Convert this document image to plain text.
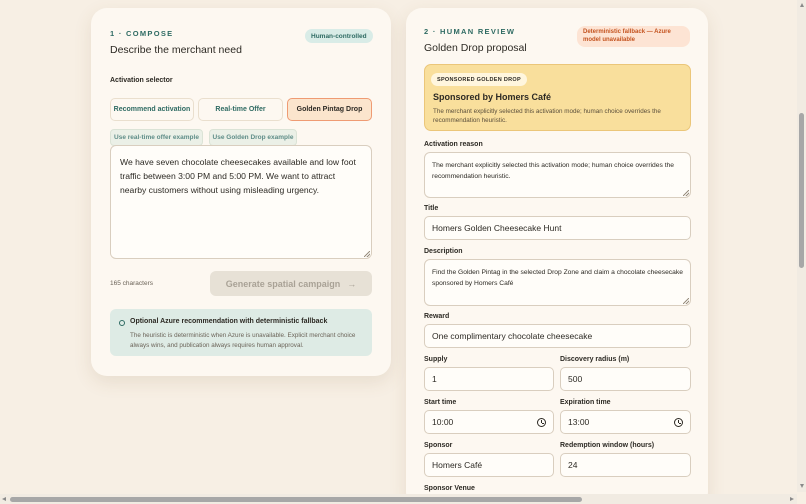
1 · COMPOSE
Describe the merchant need
Human-controlled
Activation selector
Recommend activation	Real-time Offer	Golden Pintag Drop
Use real-time offer example	Use Golden Drop example
We have seven chocolate cheesecakes available and low foot traffic between 3:00 PM and 5:00 PM. We want to attract nearby customers without using misleading urgency.
165 characters	Generate spatial campaign →
Optional Azure recommendation with deterministic fallback
The heuristic is deterministic when Azure is unavailable. Explicit merchant choice always wins, and publication always requires human approval.
2 · HUMAN REVIEW
Golden Drop proposal
Deterministic fallback — Azure model unavailable
SPONSORED GOLDEN DROP
Sponsored by Homers Café
The merchant explicitly selected this activation mode; human choice overrides the recommendation heuristic.
Activation reason
The merchant explicitly selected this activation mode; human choice overrides the recommendation heuristic.
Title
Homers Golden Cheesecake Hunt
Description
Find the Golden Pintag in the selected Drop Zone and claim a chocolate cheesecake sponsored by Homers Café
Reward
One complimentary chocolate cheesecake
Supply
1
Discovery radius (m)
500
Start time
10:00
Expiration time
13:00
Sponsor
Homers Café
Redemption window (hours)
24
Sponsor Venue
